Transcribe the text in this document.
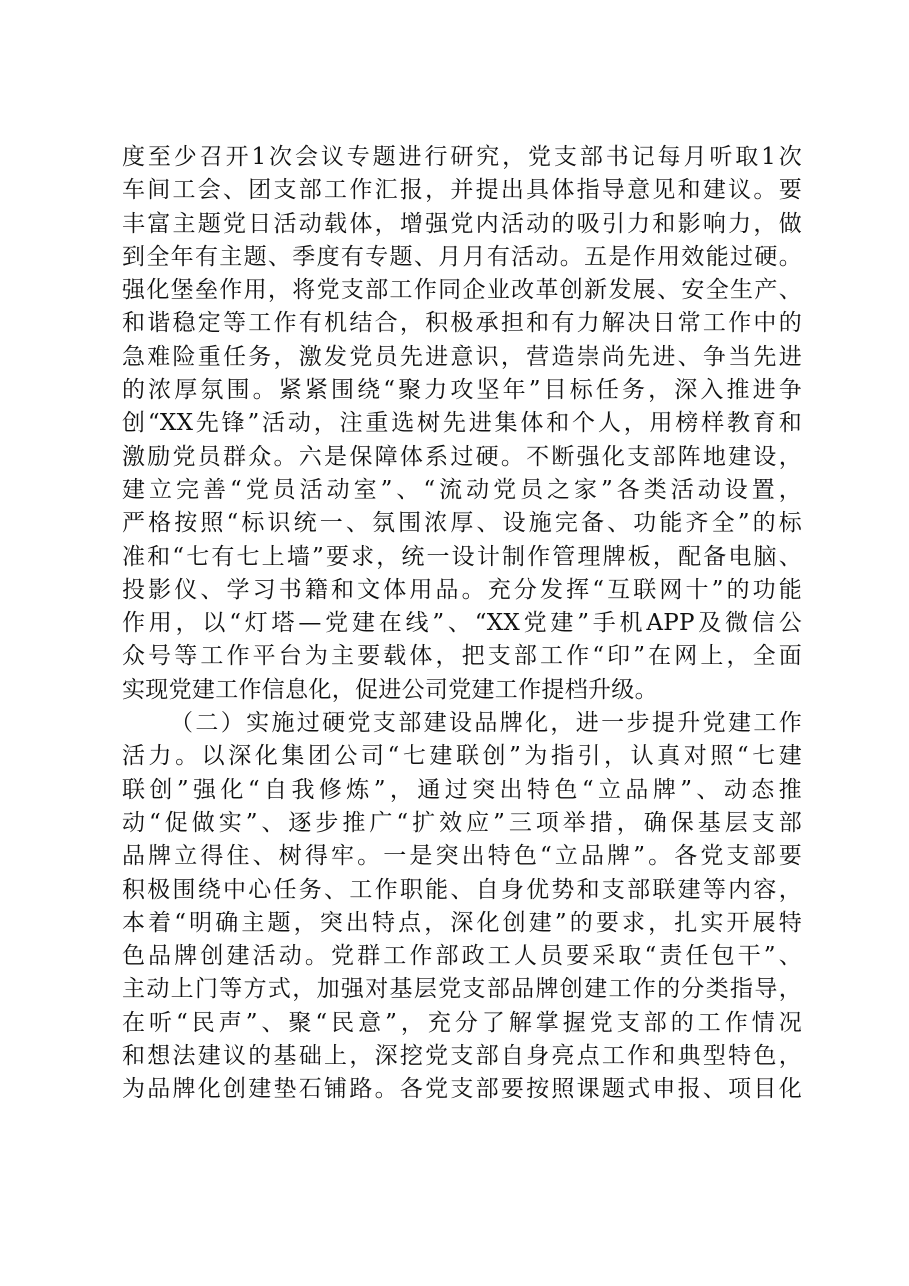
度至少召开1次会议专题进行研究，党支部书记每月听取1次
车间工会、团支部工作汇报，并提出具体指导意见和建议。要
丰富主题党日活动载体，增强党内活动的吸引力和影响力，做
到全年有主题、季度有专题、月月有活动。五是作用效能过硬。
强化堡垒作用，将党支部工作同企业改革创新发展、安全生产、
和谐稳定等工作有机结合，积极承担和有力解决日常工作中的
急难险重任务，激发党员先进意识，营造崇尚先进、争当先进
的浓厚氛围。紧紧围绕“聚力攻坚年”目标任务，深入推进争
创“XX先锋”活动，注重选树先进集体和个人，用榜样教育和
激励党员群众。六是保障体系过硬。不断强化支部阵地建设，
建立完善“党员活动室”、“流动党员之家”各类活动设置，
严格按照“标识统一、氛围浓厚、设施完备、功能齐全”的标
准和“七有七上墙”要求，统一设计制作管理牌板，配备电脑、
投影仪、学习书籍和文体用品。充分发挥“互联网十”的功能
作用，以“灯塔—党建在线”、“XX党建”手机APP及微信公
众号等工作平台为主要载体，把支部工作“印”在网上，全面
实现党建工作信息化，促进公司党建工作提档升级。
（二）实施过硬党支部建设品牌化，进一步提升党建工作
活力。以深化集团公司“七建联创”为指引，认真对照“七建
联创”强化“自我修炼”，通过突出特色“立品牌”、动态推
动“促做实”、逐步推广“扩效应”三项举措，确保基层支部
品牌立得住、树得牢。一是突出特色“立品牌”。各党支部要
积极围绕中心任务、工作职能、自身优势和支部联建等内容，
本着“明确主题，突出特点，深化创建”的要求，扎实开展特
色品牌创建活动。党群工作部政工人员要采取“责任包干”、
主动上门等方式，加强对基层党支部品牌创建工作的分类指导，
在听“民声”、聚“民意”，充分了解掌握党支部的工作情况
和想法建议的基础上，深挖党支部自身亮点工作和典型特色，
为品牌化创建垫石铺路。各党支部要按照课题式申报、项目化
